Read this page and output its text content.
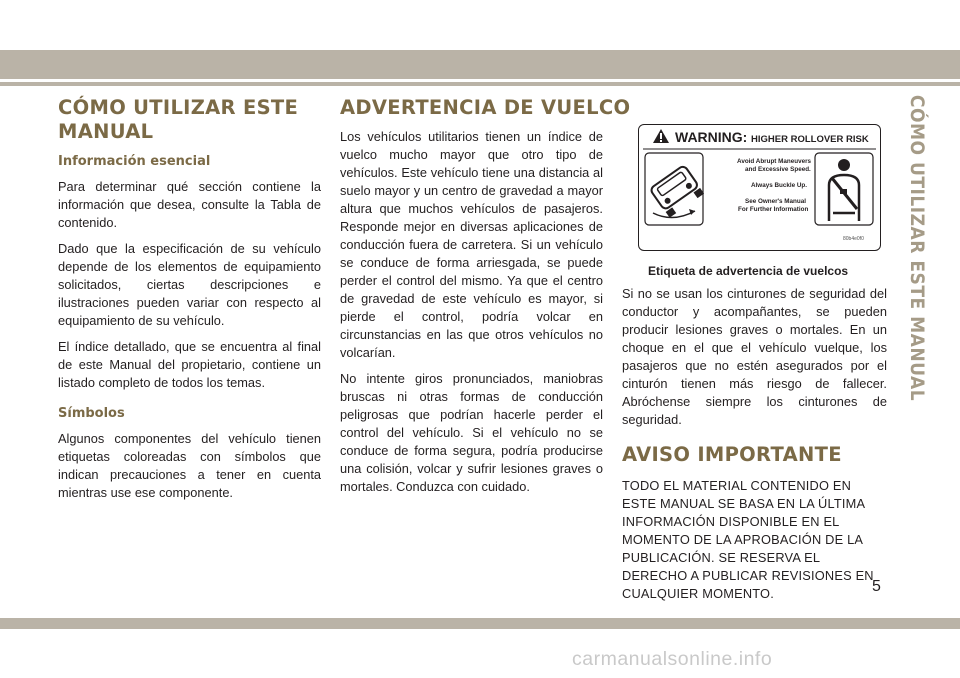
CÓMO UTILIZAR ESTE
MANUAL
Información esencial

Para determinar qué sección contiene la información que desea, consulte la Tabla de contenido.

Dado que la especificación de su vehículo depende de los elementos de equipamiento solicitados, ciertas descripciones e ilustraciones pueden variar con respecto al equipamiento de su vehículo.

El índice detallado, que se encuentra al final de este Manual del propietario, contiene un listado completo de todos los temas.

Símbolos

Algunos componentes del vehículo tienen etiquetas coloreadas con símbolos que indican precauciones a tener en cuenta mientras use ese componente.

ADVERTENCIA DE VUELCO

Los vehículos utilitarios tienen un índice de vuelco mucho mayor que otro tipo de vehículos. Este vehículo tiene una distancia al suelo mayor y un centro de gravedad a mayor altura que muchos vehículos de pasajeros. Responde mejor en diversas aplicaciones de conducción fuera de carretera. Si un vehículo se conduce de forma arriesgada, se puede perder el control del mismo. Ya que el centro de gravedad de este vehículo es mayor, si pierde el control, podría volcar en circunstancias en las que otros vehículos no volcarían.

No intente giros pronunciados, maniobras bruscas ni otras formas de conducción peligrosas que podrían hacerle perder el control del vehículo. Si el vehículo no se conduce de forma segura, podría producirse una colisión, volcar y sufrir lesiones graves o mortales. Conduzca con cuidado.

WARNING: HIGHER ROLLOVER RISK
Avoid Abrupt Maneuvers
and Excessive Speed.
Always Buckle Up.
See Owner's Manual
For Further Information
80b4e0f0
Etiqueta de advertencia de vuelcos

Si no se usan los cinturones de seguridad del conductor y acompañantes, se pueden producir lesiones graves o mortales. En un choque en el que el vehículo vuelque, los pasajeros que no estén asegurados por el cinturón tienen más riesgo de fallecer. Abróchense siempre los cinturones de seguridad.

AVISO IMPORTANTE

TODO EL MATERIAL CONTENIDO EN ESTE MANUAL SE BASA EN LA ÚLTIMA INFORMACIÓN DISPONIBLE EN EL MOMENTO DE LA APROBACIÓN DE LA PUBLICACIÓN. SE RESERVA EL DERECHO A PUBLICAR REVISIONES EN CUALQUIER MOMENTO.

CÓMO UTILIZAR ESTE MANUAL
5
carmanualsonline.info
